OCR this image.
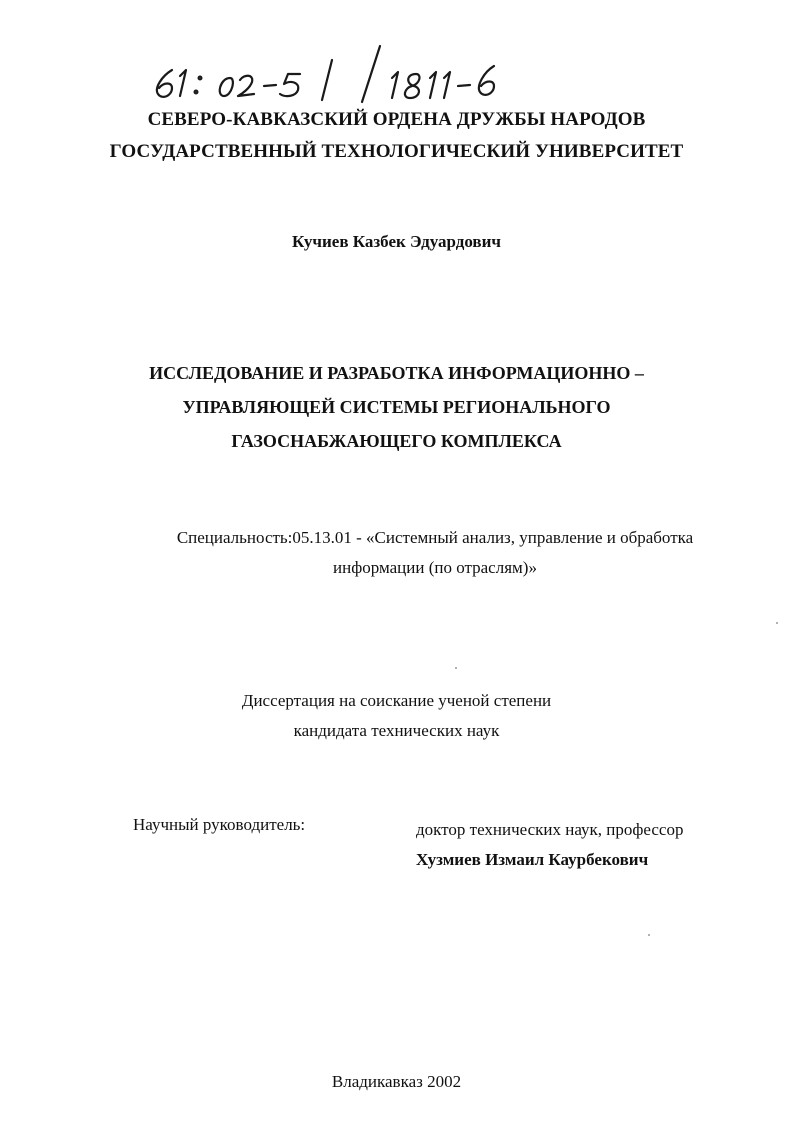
СЕВЕРО-КАВКАЗСКИЙ ОРДЕНА ДРУЖБЫ НАРОДОВ
ГОСУДАРСТВЕННЫЙ ТЕХНОЛОГИЧЕСКИЙ УНИВЕРСИТЕТ
Кучиев Казбек Эдуардович
ИССЛЕДОВАНИЕ И РАЗРАБОТКА ИНФОРМАЦИОННО –
УПРАВЛЯЮЩЕЙ СИСТЕМЫ РЕГИОНАЛЬНОГО
ГАЗОСНАБЖАЮЩЕГО КОМПЛЕКСА
Специальность:05.13.01 - «Системный анализ, управление и обработка
информации (по отраслям)»
Диссертация на соискание ученой степени
кандидата технических наук
Научный руководитель:	доктор технических наук, профессор
Хузмиев Измаил Каурбекович
Владикавказ 2002
